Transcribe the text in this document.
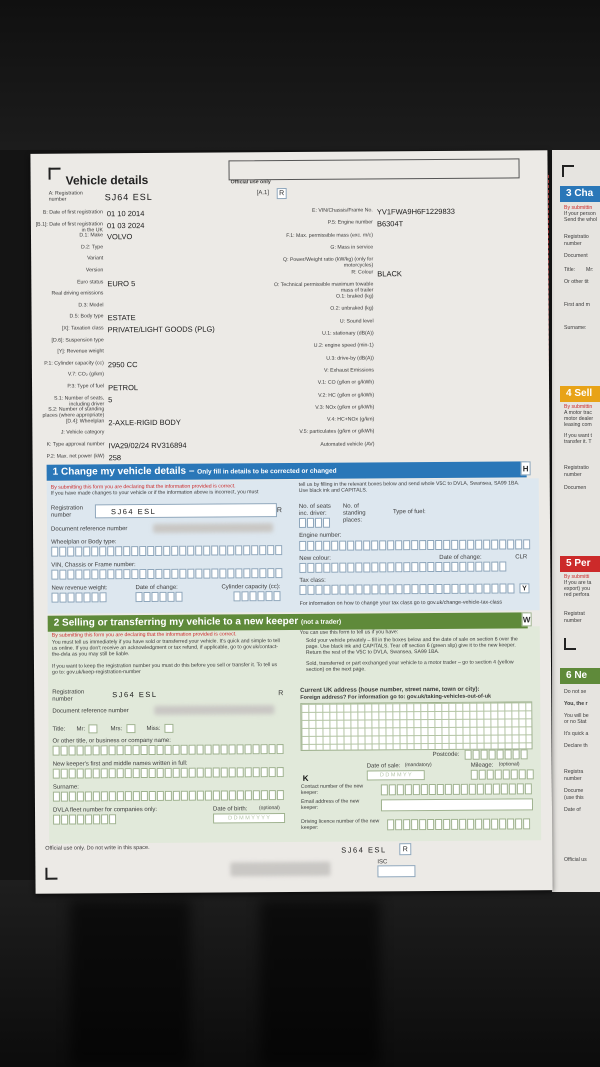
3 Cha
By submittin
If your person
Send the whol
Registratio
number
Document
Title: Mr:
Or other tit
First and m
Surname:
4 Sell
By submittin
A motor trac
motor dealer
leasing com
If you want t
transfer it. T
Registratio
number
Documen
5 Per
By submitti
If you are ta
export) you
red perfora
Registrat
number
6 Ne
Do not se
You, the r
You will be
or no Stat
It's quick a
Declare th
Registra
number
Docume
(use this
Date of
Official us
Vehicle details	Official use only
[A.1]	R
A: Registration number	SJ64 ESL
B: Date of first registration 01 10 2014
[B.1]: Date of first registration in the UK
01 03 2024
D.1: Make VOLVO
D.2: Type
Variant
Version
Euro status EURO 5
Real driving emissions
D.3: Model
D.5: Body type ESTATE
[X]: Taxation class PRIVATE/LIGHT GOODS (PLG)
[D.6]: Suspension type
[Y]: Revenue weight
P.1: Cylinder capacity (cc) 2950 CC
V.7: CO₂ (g/km)
P.3: Type of fuel PETROL
S.1: Number of seats, including driver
5
S.2: Number of standing places (where appropriate)
[D.4]: Wheelplan 2-AXLE-RIGID BODY
J: Vehicle category
K: Type approval number IVA29/02/24 RV316894
P.2: Max. net power (kW) 258
E: VIN/Chassis/Frame No. YV1FWA9H6F1229833
P.5: Engine number B6304T
F.1: Max. permissible mass (exc. m/c)
G: Mass in service
Q: Power/Weight ratio (kW/kg) (only for motorcycles)
R: Colour BLACK
O: Technical permissible maximum towable mass of trailer
O.1: braked (kg)
O.2: unbraked (kg)
U: Sound level
U.1: stationary (dB(A))
U.2: engine speed (min-1)
U.3: drive-by (dB(A))
V: Exhaust Emissions
V.1: CO (g/km or g/kWh)
V.2: HC (g/km or g/kWh)
V.3: NOx (g/km or g/kWh)
V.4: HC+NOx (g/km)
V.5: particulates (g/km or g/kWh)
Automated vehicle (AV)
1 Change my vehicle details – Only fill in details to be corrected or changed	H
By submitting this form you are declaring that the information provided is correct.
If you have made changes to your vehicle or if the information above is incorrect, you must
tell us by filling in the relevant boxes below and send whole V5C to DVLA, Swansea, SA99 1BA. Use black ink and CAPITALS.
Registration number	SJ64 ESL	R
Document reference number
Wheelplan or Body type:
VIN, Chassis or Frame number:
New revenue weight:	Date of change:	Cylinder capacity (cc):
No. of seats inc. driver:
No. of standing places:
Type of fuel:
Engine number:
New colour:	Date of change:	CLR
Tax class:
Y
For information on how to change your tax class go to gov.uk/change-vehicle-tax-class
2 Selling or transferring my vehicle to a new keeper (not a trader)	W
By submitting this form you are declaring that the information provided is correct.
You must tell us immediately if you have sold or transferred your vehicle. It's quick and simple to tell us online. If you don't receive an acknowledgment or tax refund, if applicable, go to gov.uk/contact-the-dvla as you may still be liable.
If you want to keep the registration number you must do this before you sell or transfer it. To tell us go to: gov.uk/keep-registration-number
You can use this form to tell us if you have:
Sold your vehicle privately – fill in the boxes below and the date of sale on section 6 over the page. Use black ink and CAPITALS. Tear off section 6 (green slip) give it to the new keeper. Return the rest of the V5C to DVLA, Swansea, SA99 1BA.
Sold, transferred or part exchanged your vehicle to a motor trader – go to section 4 (yellow section) on the next page.
Registration number
SJ64 ESL	R
Document reference number
Title: Mr:	Mrs:	Miss:
Or other title, or business or company name:
New keeper's first and middle names written in full:
Surname:
DVLA fleet number for companies only:	Date of birth: (optional)
D D M M Y Y Y Y
Current UK address (house number, street name, town or city):
Foreign address? For information go to: gov.uk/taking-vehicles-out-of-uk
Postcode:
Date of sale: (mandatory)	Mileage: (optional)
K	D D M M Y Y
Contact number of the new keeper:
Email address of the new keeper:
Driving licence number of the new keeper:
Official use only. Do not write in this space.	SJ64 ESL	R
ISC
